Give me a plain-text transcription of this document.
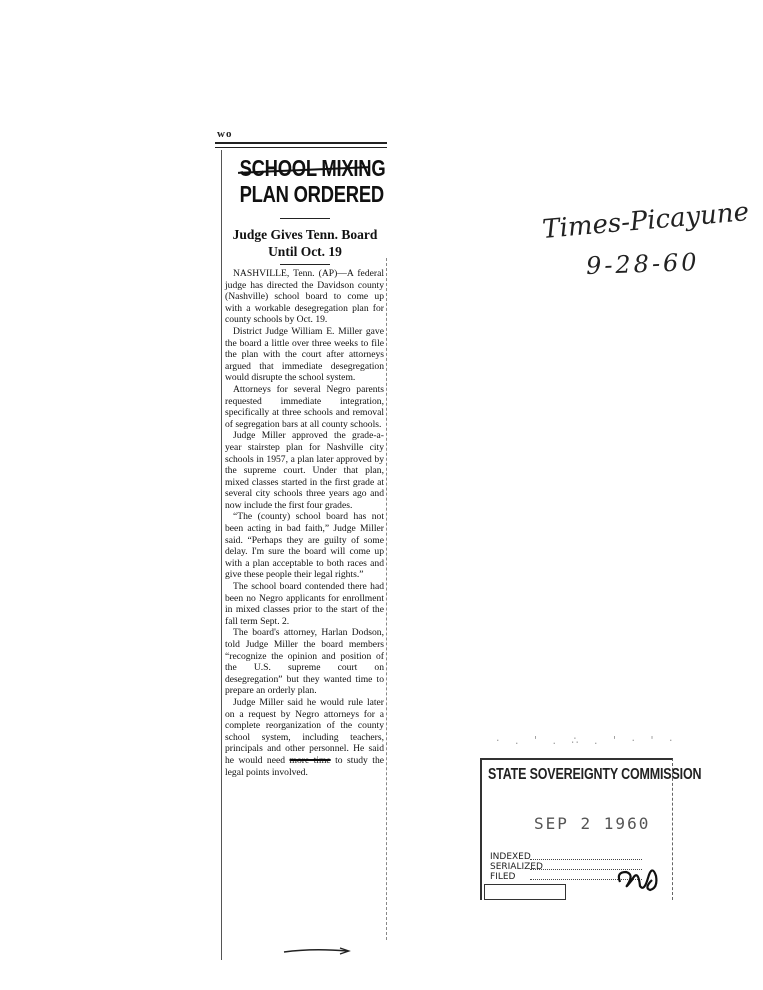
wo
SCHOOL MIXING
PLAN ORDERED
Judge Gives Tenn. Board
Until Oct. 19

NASHVILLE, Tenn. (AP)—A federal judge has directed the Davidson county (Nashville) school board to come up with a workable desegregation plan for county schools by Oct. 19.

District Judge William E. Miller gave the board a little over three weeks to file the plan with the court after attorneys argued that immediate desegregation would disrupte the school system.

Attorneys for several Negro parents requested immediate integration, specifically at three schools and removal of segregation bars at all county schools.

Judge Miller approved the grade-a-year stairstep plan for Nashville city schools in 1957, a plan later approved by the supreme court. Under that plan, mixed classes started in the first grade at several city schools three years ago and now include the first four grades.

“The (county) school board has not been acting in bad faith,” Judge Miller said. “Perhaps they are guilty of some delay. I'm sure the board will come up with a plan acceptable to both races and give these people their legal rights.”

The school board contended there had been no Negro applicants for enrollment in mixed classes prior to the start of the fall term Sept. 2.

The board's attorney, Harlan Dodson, told Judge Miller the board members “recognize the opinion and position of the U.S. supreme court on desegregation” but they wanted time to prepare an orderly plan.

Judge Miller said he would rule later on a request by Negro attorneys for a complete reorganization of the county school system, including teachers, principals and other personnel. He said he would need more time to study the legal points involved.

Times-Picayune
9-28-60
· . ' . ∴ . ' · ' ·
STATE SOVEREIGNTY COMMISSION
SEP 2 1960
INDEXED
SERIALIZED
FILED
